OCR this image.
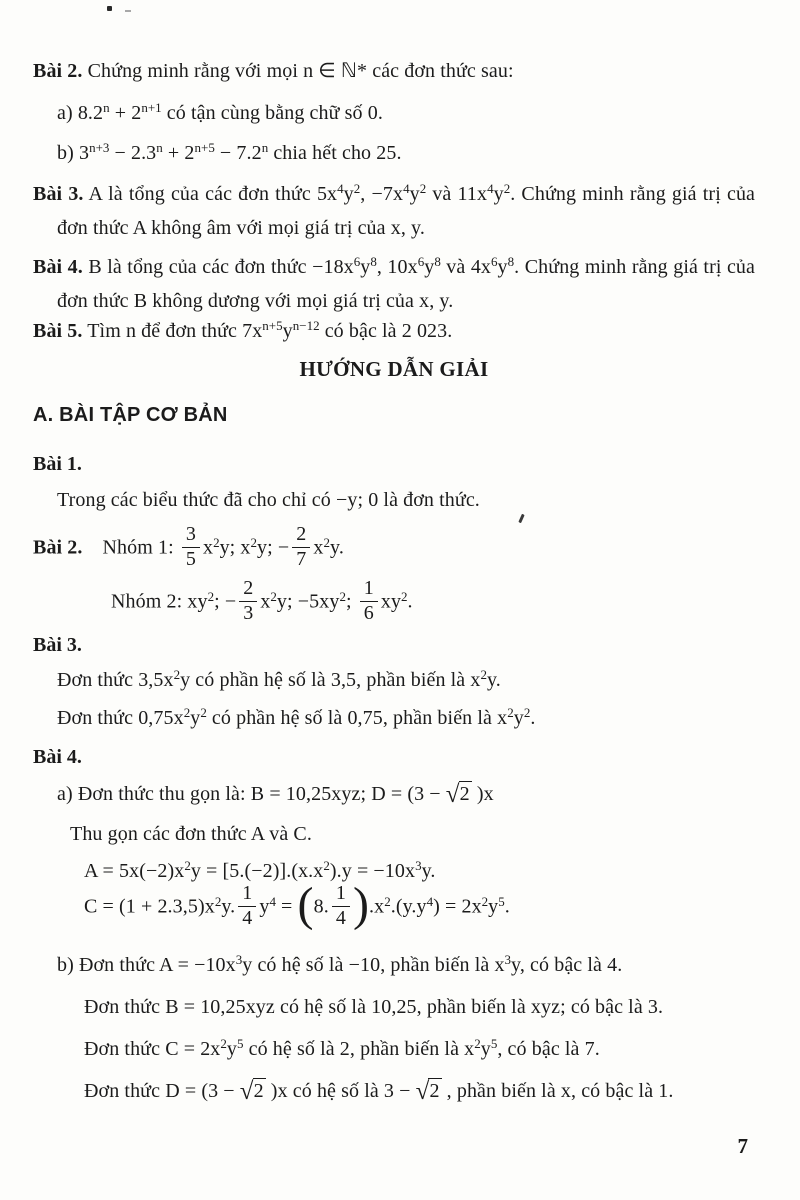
Bài 2. Chứng minh rằng với mọi n ∈ ℕ* các đơn thức sau:
a) $8.2^n + 2^{n+1}$ có tận cùng bằng chữ số 0.
b) $3^{n+3} - 2.3^n + 2^{n+5} - 7.2^n$ chia hết cho 25.
Bài 3. A là tổng của các đơn thức $5x^4y^2$, $-7x^4y^2$ và $11x^4y^2$. Chứng minh rằng giá trị của đơn thức A không âm với mọi giá trị của x, y.
Bài 4. B là tổng của các đơn thức $-18x^6y^8$, $10x^6y^8$ và $4x^6y^8$. Chứng minh rằng giá trị của đơn thức B không dương với mọi giá trị của x, y.
Bài 5. Tìm n để đơn thức $7x^{n+5}y^{n-12}$ có bậc là 2 023.
HƯỚNG DẪN GIẢI
A. BÀI TẬP CƠ BẢN
Bài 1.
Trong các biểu thức đã cho chỉ có −y; 0 là đơn thức.
Bài 2. Nhóm 1: $\frac{3}{5} x^2y$; $x^2y$; − $\frac{2}{7} x^2y$.
Nhóm 2: $xy^2$; − $\frac{2}{3} x^2y$; $-5xy^2$; $\frac{1}{6} xy^2$.
Bài 3.
Đơn thức $3,5x^2y$ có phần hệ số là 3,5, phần biến là $x^2y$.
Đơn thức $0,75x^2y^2$ có phần hệ số là 0,75, phần biến là $x^2y^2$.
Bài 4.
a) Đơn thức thu gọn là: B = 10,25xyz; D = (3 − √2 )x
Thu gọn các đơn thức A và C.
$A = 5x(-2)x^2y = [5.(-2)].(x.x^2).y = -10x^3y$.
$C = (1 + 2.3,5)x^2y$. $\frac{1}{4} y^4 = (8$. $\frac{1}{4} ).x^2.(y.y^4) = 2x^2y^5$.
b) Đơn thức $A = -10x^3y$ có hệ số là −10, phần biến là $x^3y$, có bậc là 4.
Đơn thức B = 10,25xyz có hệ số là 10,25, phần biến là xyz; có bậc là 3.
Đơn thức $C = 2x^2y^5$ có hệ số là 2, phần biến là $x^2y^5$, có bậc là 7.
Đơn thức D = (3 − √2 )x có hệ số là 3 − √2 , phần biến là x, có bậc là 1.
7
